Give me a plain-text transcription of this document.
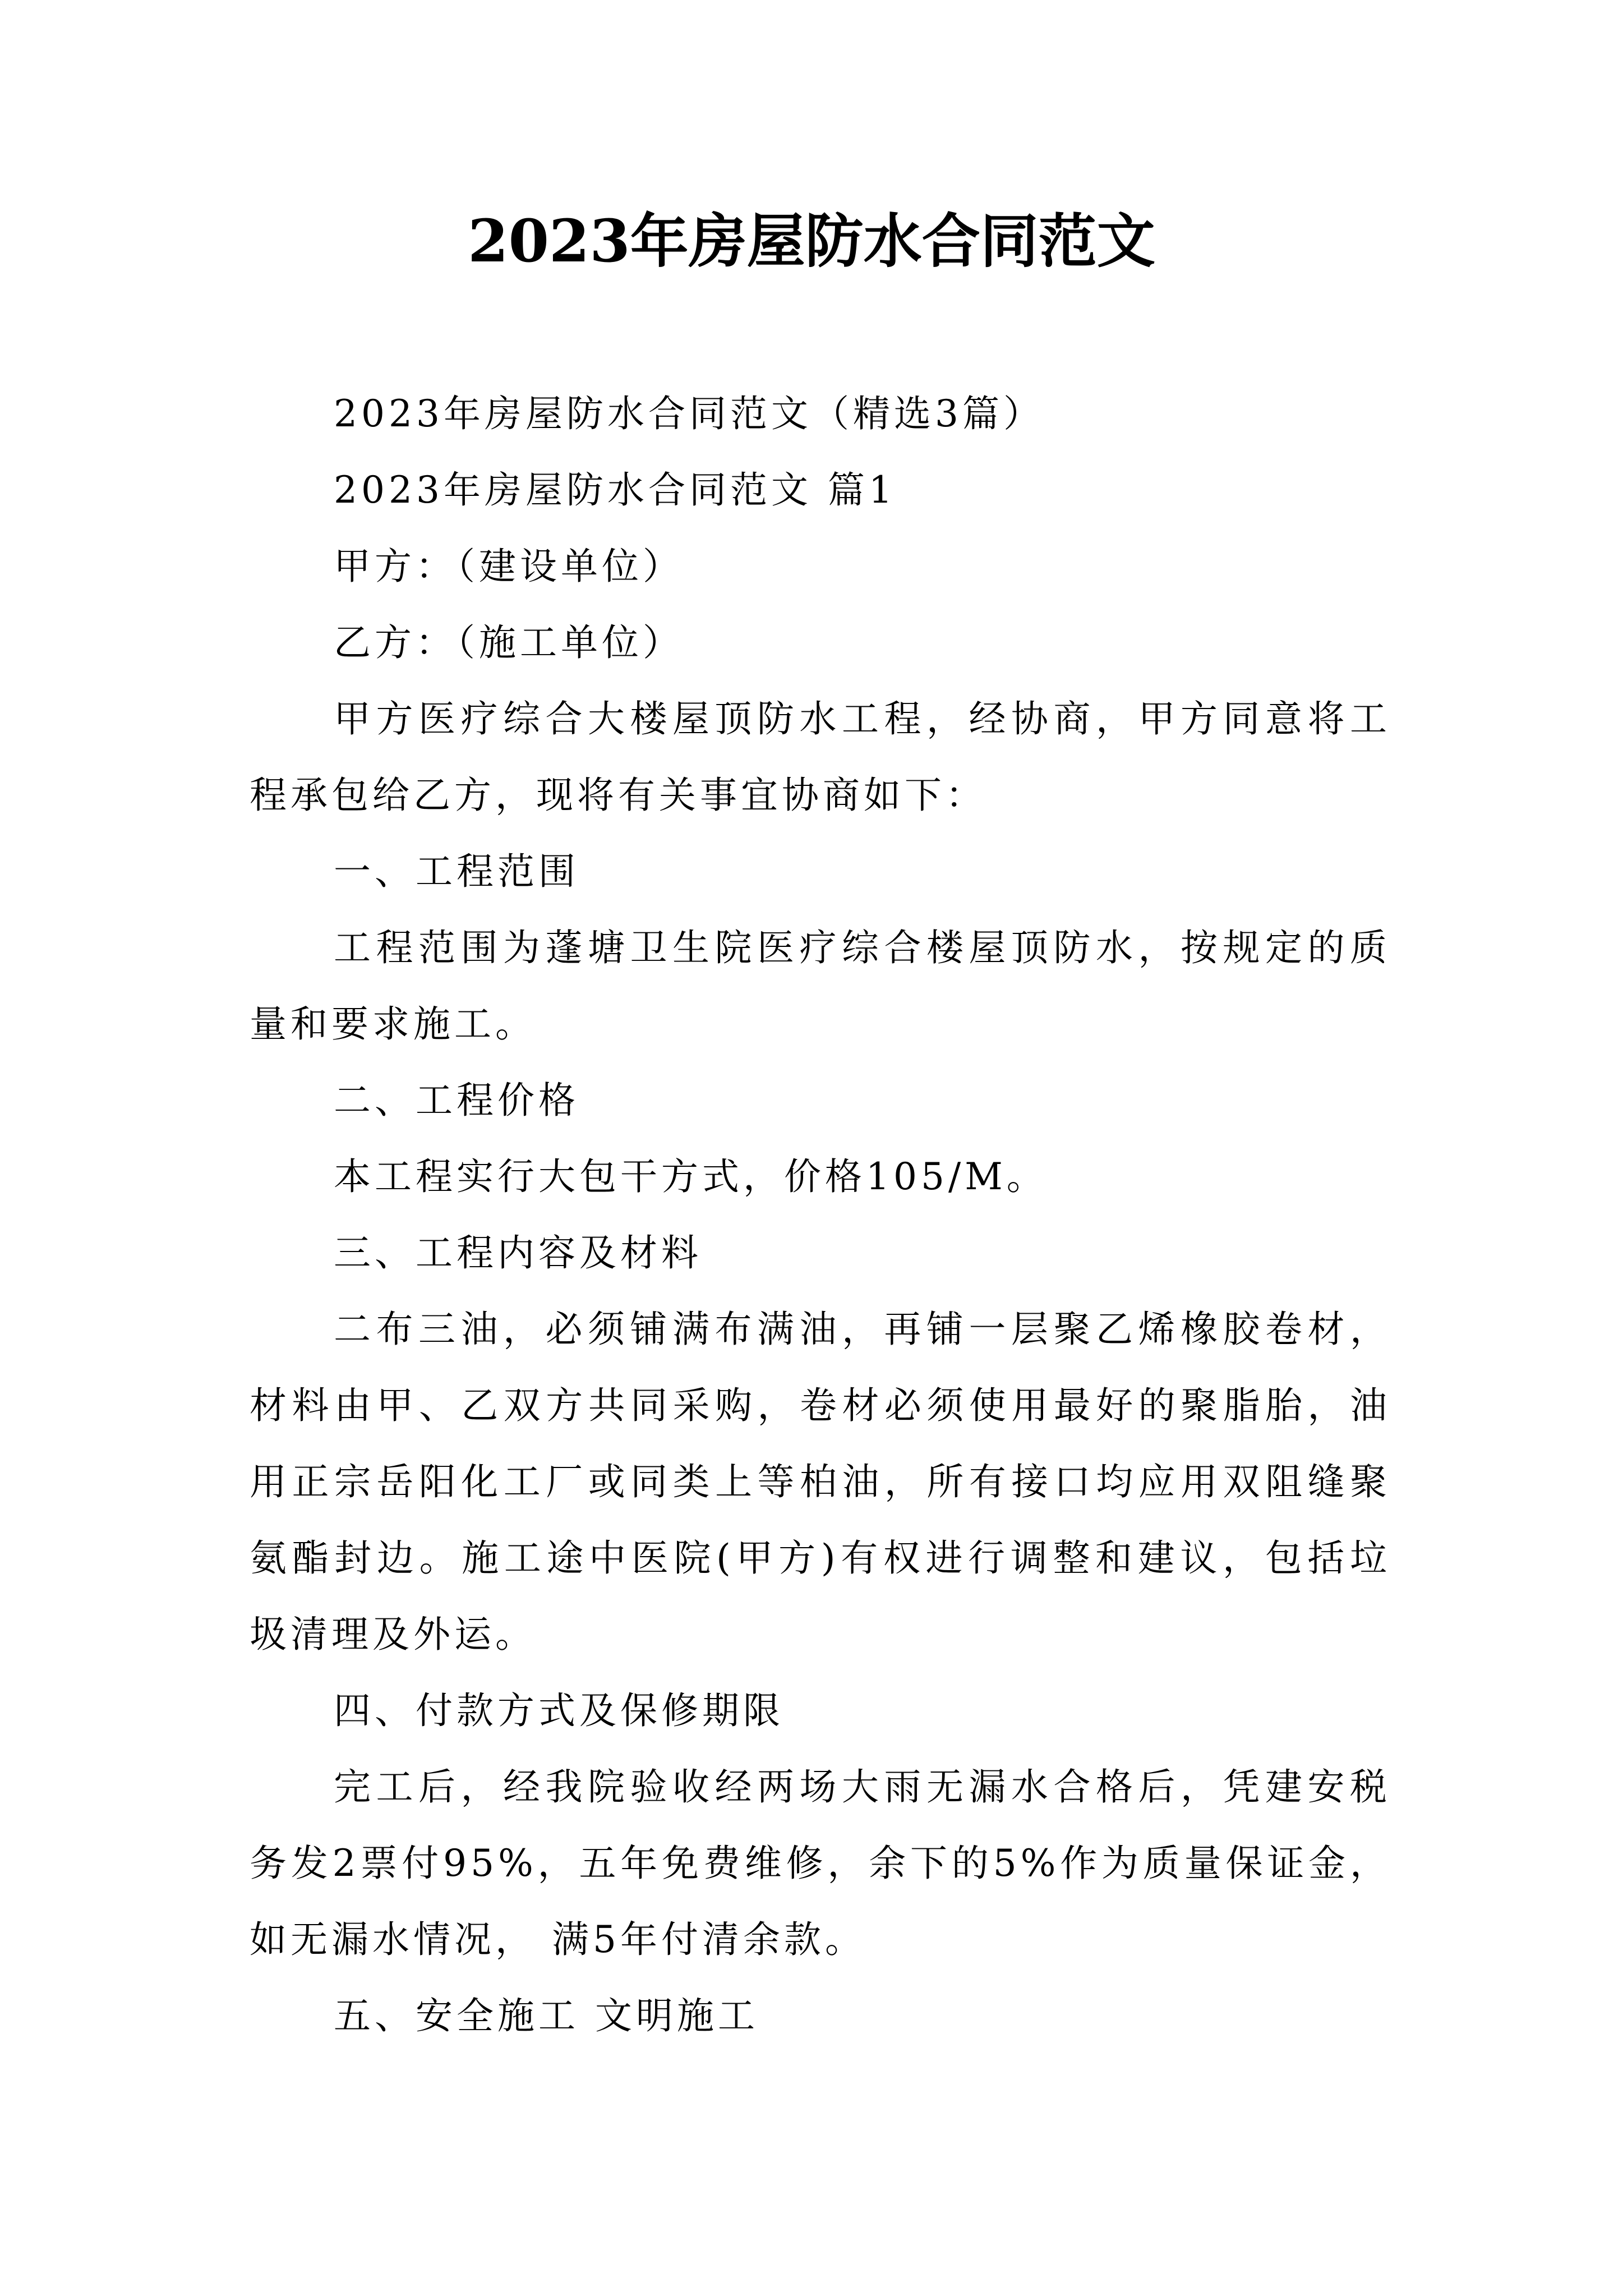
2023年房屋防水合同范文

2023年房屋防水合同范文（精选3篇）

2023年房屋防水合同范文 篇1

甲方：（建设单位）

乙方：（施工单位）

甲方医疗综合大楼屋顶防水工程，经协商，甲方同意将工程承包给乙方，现将有关事宜协商如下：

一、工程范围

工程范围为蓬塘卫生院医疗综合楼屋顶防水，按规定的质量和要求施工。

二、工程价格

本工程实行大包干方式，价格105/M。

三、工程内容及材料

二布三油，必须铺满布满油，再铺一层聚乙烯橡胶卷材，材料由甲、乙双方共同采购，卷材必须使用最好的聚脂胎，油用正宗岳阳化工厂或同类上等柏油，所有接口均应用双阻缝聚氨酯封边。施工途中医院(甲方)有权进行调整和建议，包括垃圾清理及外运。

四、付款方式及保修期限

完工后，经我院验收经两场大雨无漏水合格后，凭建安税务发2票付95%，五年免费维修，余下的5%作为质量保证金，如无漏水情况， 满5年付清余款。

五、安全施工 文明施工
